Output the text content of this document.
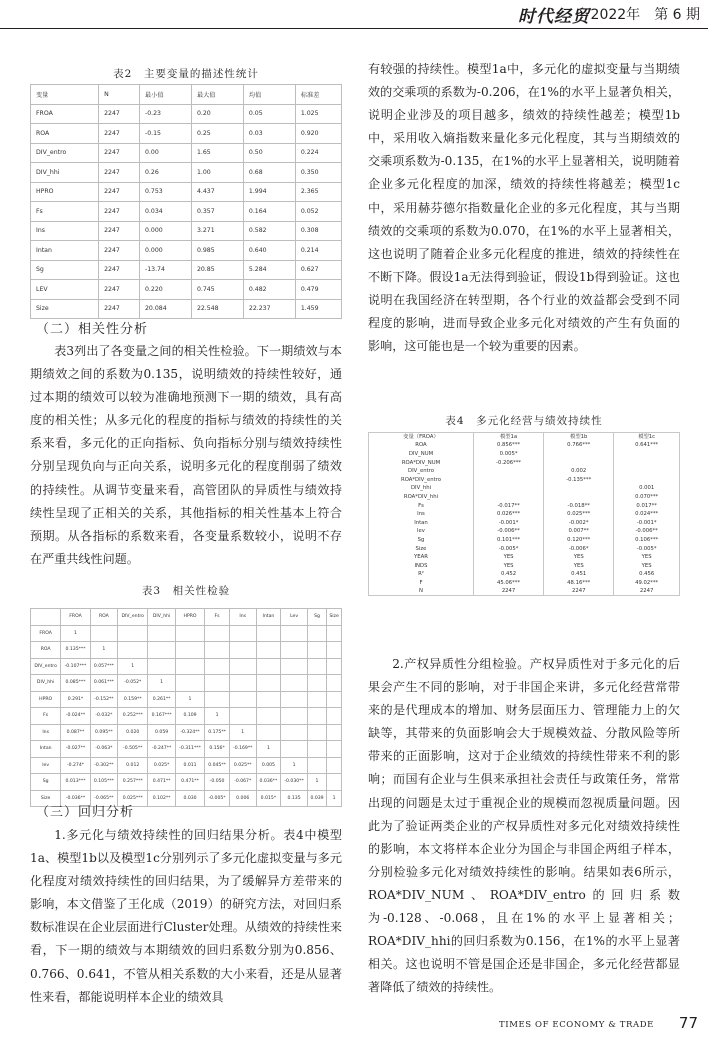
时代经贸 2022年　 第 6 期
表2　主要变量的描述性统计
变量	N	最小值	最大值	均值	标准差
FROA	2247	-0.23	0.20	0.05	1.025
ROA	2247	-0.15	0.25	0.03	0.920
DIV_entro	2247	0.00	1.65	0.50	0.224
DIV_hhi	2247	0.26	1.00	0.68	0.350
HPRO	2247	0.753	4.437	1.994	2.365
Fs	2247	0.034	0.357	0.164	0.052
Ins	2247	0.000	3.271	0.582	0.308
Intan	2247	0.000	0.985	0.640	0.214
Sg	2247	-13.74	20.85	5.284	0.627
LEV	2247	0.220	0.745	0.482	0.479
Size	2247	20.084	22.548	22.237	1.459
（二）相关性分析
表3列出了各变量之间的相关性检验。下一期绩效与本期绩效之间的系数为0.135，说明绩效的持续性较好，通过本期的绩效可以较为准确地预测下一期的绩效，具有高度的相关性；从多元化的程度的指标与绩效的持续性的关系来看，多元化的正向指标、负向指标分别与绩效持续性分别呈现负向与正向关系，说明多元化的程度削弱了绩效的持续性。从调节变量来看，高管团队的异质性与绩效持续性呈现了正相关的关系，其他指标的相关性基本上符合预期。从各指标的系数来看，各变量系数较小，说明不存在严重共线性问题。
表3　相关性检验
	FROA	ROA	DIV_entro	DIV_hhi	HPRO	Fs	Ins	Intan	Lev	Sg	Size
FROA	1										
ROA	0.135***	1									
DIV_entro	-0.107***	0.057***	1								
DIV_hhi	0.085***	0.061***	-0.052*	1							
HPRO	0.291*	-0.152**	0.159**	0.261**	1						
Fs	-0.024**	-0.032*	0.252***	0.167***	0.109	1					
Ins	0.087**	0.095**	0.020	0.059	-0.324**	0.175**	1				
Intan	-0.027**	-0.063*	-0.505**	-0.247**	-0.311***	0.156*	-0.169**	1			
lev	-0.274*	-0.302**	0.012	0.025*	0.011	0.045**	0.025**	0.005	1		
Sg	0.013***	0.105***	0.257***	0.471**	0.471**	-0.050	-0.067*	0.036**	-0.030**	1	
Size	-0.036**	-0.065**	0.025***	0.102**	0.030	-0.005*	0.006	0.015*	0.135	0.039	1
（三）回归分析
1.多元化与绩效持续性的回归结果分析。表4中模型1a、模型1b以及模型1c分别列示了多元化虚拟变量与多元化程度对绩效持续性的回归结果，为了缓解异方差带来的影响，本文借鉴了王化成（2019）的研究方法，对回归系数标准误在企业层面进行Cluster处理。从绩效的持续性来看，下一期的绩效与本期绩效的回归系数分别为0.856、0.766、0.641，不管从相关系数的大小来看，还是从显著性来看，都能说明样本企业的绩效具
有较强的持续性。模型1a中，多元化的虚拟变量与当期绩效的交乘项的系数为-0.206，在1%的水平上显著负相关，说明企业涉及的项目越多，绩效的持续性越差；模型1b中，采用收入熵指数来量化多元化程度，其与当期绩效的交乘项系数为-0.135，在1%的水平上显著相关，说明随着企业多元化程度的加深，绩效的持续性将越差；模型1c中，采用赫芬德尔指数量化企业的多元化程度，其与当期绩效的交乘项的系数为0.070，在1%的水平上显著相关，这也说明了随着企业多元化程度的推进，绩效的持续性在不断下降。假设1a无法得到验证，假设1b得到验证。这也说明在我国经济在转型期，各个行业的效益都会受到不同程度的影响，进而导致企业多元化对绩效的产生有负面的影响，这可能也是一个较为重要的因素。
表4　多元化经营与绩效持续性
变量（FROA）	模型1a	模型1b	模型1c
ROA	0.856***	0.766***	0.641***
DIV_NUM	0.005*		
ROA*DIV_NUM	-0.206***		
DIV_entro		0.002	
ROA*DIV_entro		-0.135***	
DIV_hhi			0.001
ROA*DIV_hhi			0.070***
Fs	-0.017**	-0.018**	0.017**
Ins	0.026***	0.025***	0.024***
Intan	-0.001*	-0.002*	-0.001*
lev	-0.006**	0.007**	-0.006**
Sg	0.101***	0.120***	0.106***
Size	-0.005*	-0.006*	-0.005*
YEAR	YES	YES	YES
INDS	YES	YES	YES
R²	0.452	0.451	0.456
F	45.06***	48.16***	49.02***
N	2247	2247	2247
2.产权异质性分组检验。产权异质性对于多元化的后果会产生不同的影响，对于非国企来讲，多元化经营常带来的是代理成本的增加、财务层面压力、管理能力上的欠缺等，其带来的负面影响会大于规模效益、分散风险等所带来的正面影响，这对于企业绩效的持续性带来不利的影响；而国有企业与生俱来承担社会责任与政策任务，常常出现的问题是太过于重视企业的规模而忽视质量问题。因此为了验证两类企业的产权异质性对多元化对绩效持续性的影响，本文将样本企业分为国企与非国企两组子样本，分别检验多元化对绩效持续性的影响。结果如表6所示，ROA*DIV_NUM、ROA*DIV_entro的回归系数为-0.128、-0.068，且在1%的水平上显著相关；ROA*DIV_hhi的回归系数为0.156，在1%的水平上显著相关。这也说明不管是国企还是非国企，多元化经营都显著降低了绩效的持续性。
TIMES OF ECONOMY & TRADE 77
